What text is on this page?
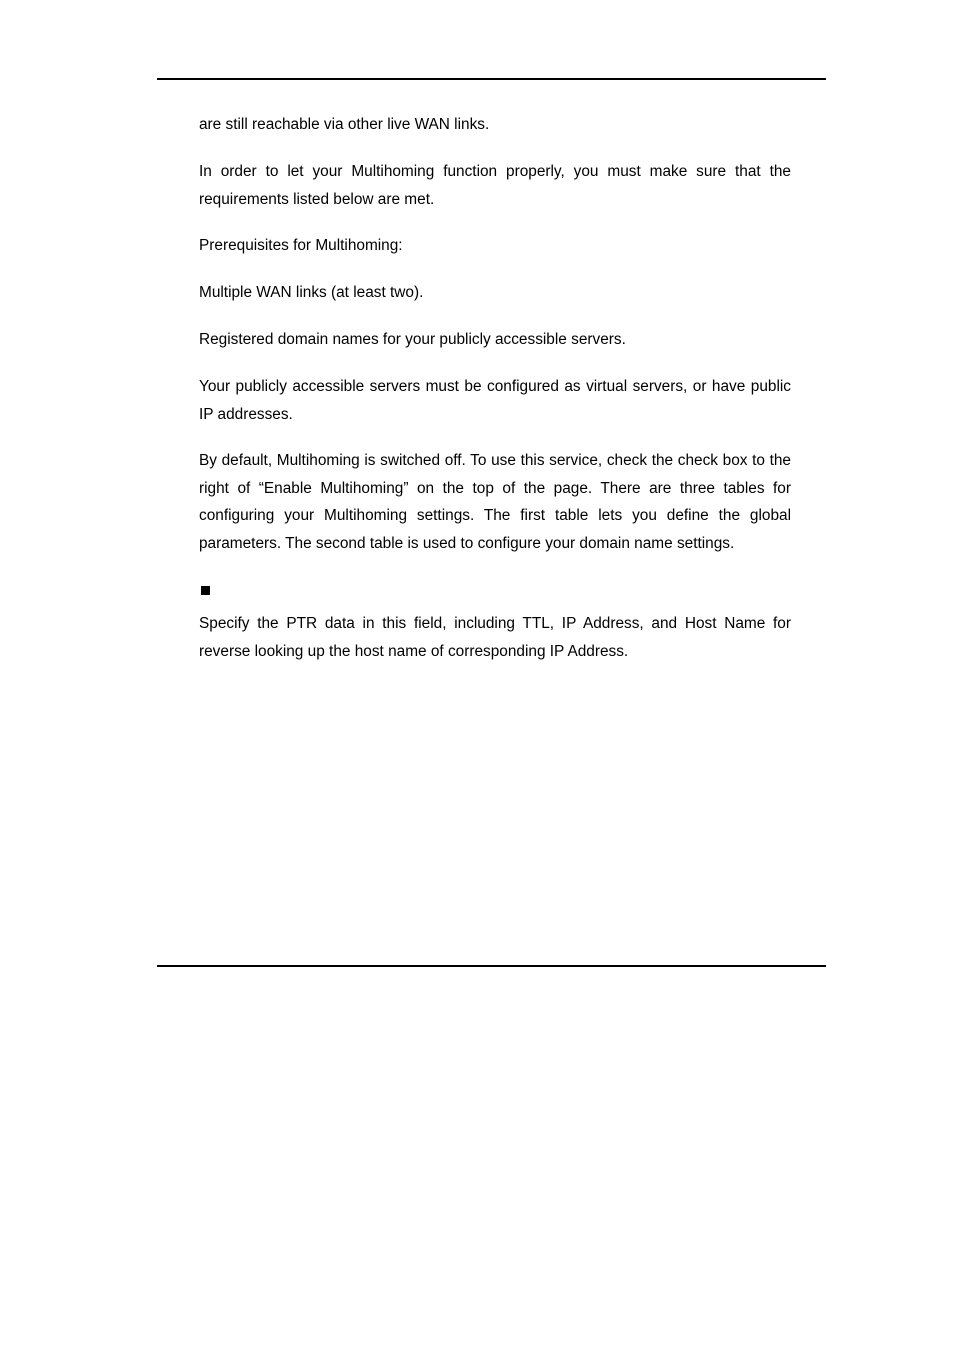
are still reachable via other live WAN links.

In order to let your Multihoming function properly, you must make sure that the requirements listed below are met.

Prerequisites for Multihoming:

Multiple WAN links (at least two).

Registered domain names for your publicly accessible servers.

Your publicly accessible servers must be configured as virtual servers, or have public IP addresses.

By default, Multihoming is switched off. To use this service, check the check box to the right of “Enable Multihoming” on the top of the page. There are three tables for configuring your Multihoming settings. The first table lets you define the global parameters. The second table is used to configure your domain name settings.

Specify the PTR data in this field, including TTL, IP Address, and Host Name for reverse looking up the host name of corresponding IP Address.
